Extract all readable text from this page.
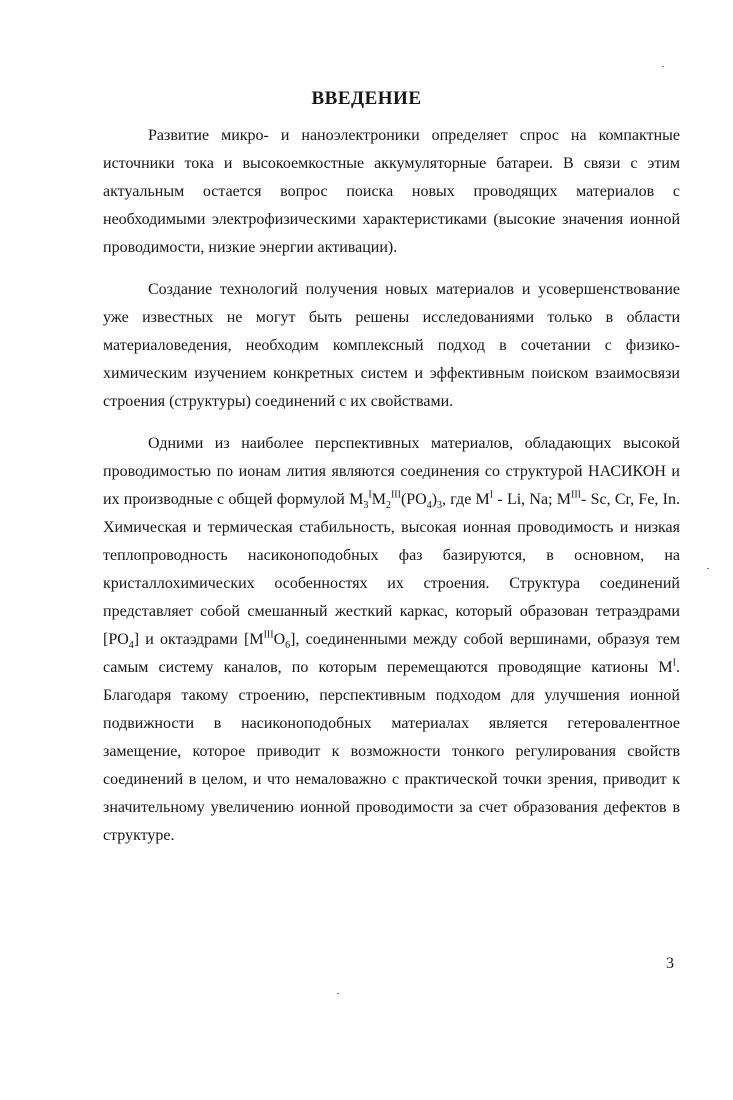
ВВЕДЕНИЕ

Развитие микро- и наноэлектроники определяет спрос на компактные источники тока и высокоемкостные аккумуляторные батареи. В связи с этим актуальным остается вопрос поиска новых проводящих материалов с необходимыми электрофизическими характеристиками (высокие значения ионной проводимости, низкие энергии активации).

Создание технологий получения новых материалов и усовершенствование уже известных не могут быть решены исследованиями только в области материаловедения, необходим комплексный подход в сочетании с физико-химическим изучением конкретных систем и эффективным поиском взаимосвязи строения (структуры) соединений с их свойствами.

Одними из наиболее перспективных материалов, обладающих высокой проводимостью по ионам лития являются соединения со структурой НАСИКОН и их производные с общей формулой $M_3^IM_2^{III}(PO_4)_3$, где $M^I$ - Li, Na; $M^{III}-$ Sc, Cr, Fe, In. Химическая и термическая стабильность, высокая ионная проводимость и низкая теплопроводность насиконоподобных фаз базируются, в основном, на кристаллохимических особенностях их строения. Структура соединений представляет собой смешанный жесткий каркас, который образован тетраэдрами $[PO_4]$ и октаэдрами $[M^{III}O_6]$, соединенными между собой вершинами, образуя тем самым систему каналов, по которым перемещаются проводящие катионы $M^I$. Благодаря такому строению, перспективным подходом для улучшения ионной подвижности в насиконоподобных материалах является гетеровалентное замещение, которое приводит к возможности тонкого регулирования свойств соединений в целом, и что немаловажно с практической точки зрения, приводит к значительному увеличению ионной проводимости за счет образования дефектов в структуре.

3
